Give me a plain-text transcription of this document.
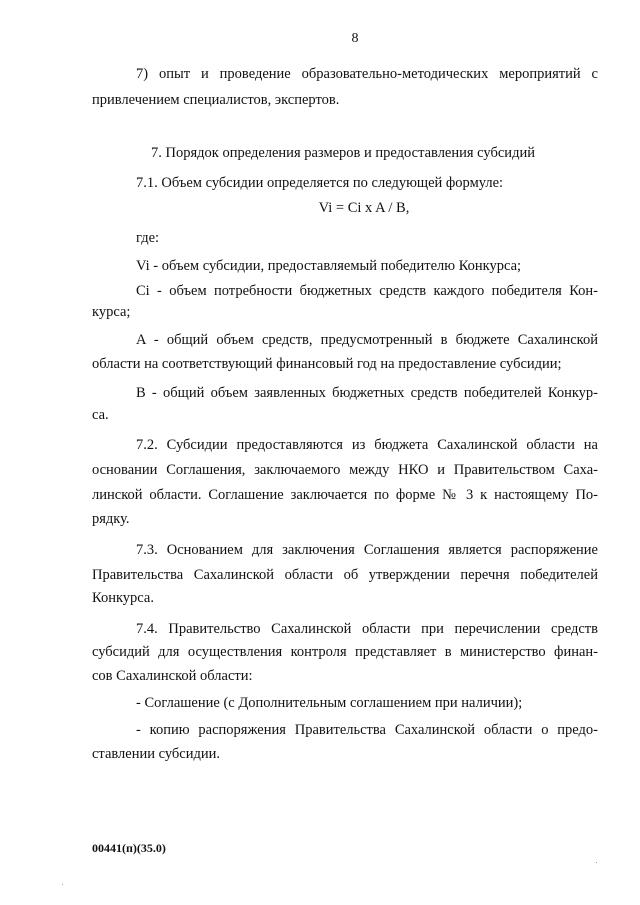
8
7) опыт и проведение образовательно-методических мероприятий с
привлечением специалистов, экспертов.
7. Порядок определения размеров и предоставления субсидий
7.1. Объем субсидии определяется по следующей формуле:
Vi = Ci x A / B,
где:
Vi - объем субсидии, предоставляемый победителю Конкурса;
Ci - объем потребности бюджетных средств каждого победителя Кон-
курса;
A - общий объем средств, предусмотренный в бюджете Сахалинской
области на соответствующий финансовый год на предоставление субсидии;
B - общий объем заявленных бюджетных средств победителей Конкур-
са.
7.2. Субсидии предоставляются из бюджета Сахалинской области на
основании Соглашения, заключаемого между НКО и Правительством Саха-
линской области. Соглашение заключается по форме № 3 к настоящему По-
рядку.
7.3. Основанием для заключения Соглашения является распоряжение
Правительства Сахалинской области об утверждении перечня победителей
Конкурса.
7.4. Правительство Сахалинской области при перечислении средств
субсидий для осуществления контроля представляет в министерство финан-
сов Сахалинской области:
- Соглашение (с Дополнительным соглашением при наличии);
- копию распоряжения Правительства Сахалинской области о предо-
ставлении субсидии.
00441(п)(35.0)
